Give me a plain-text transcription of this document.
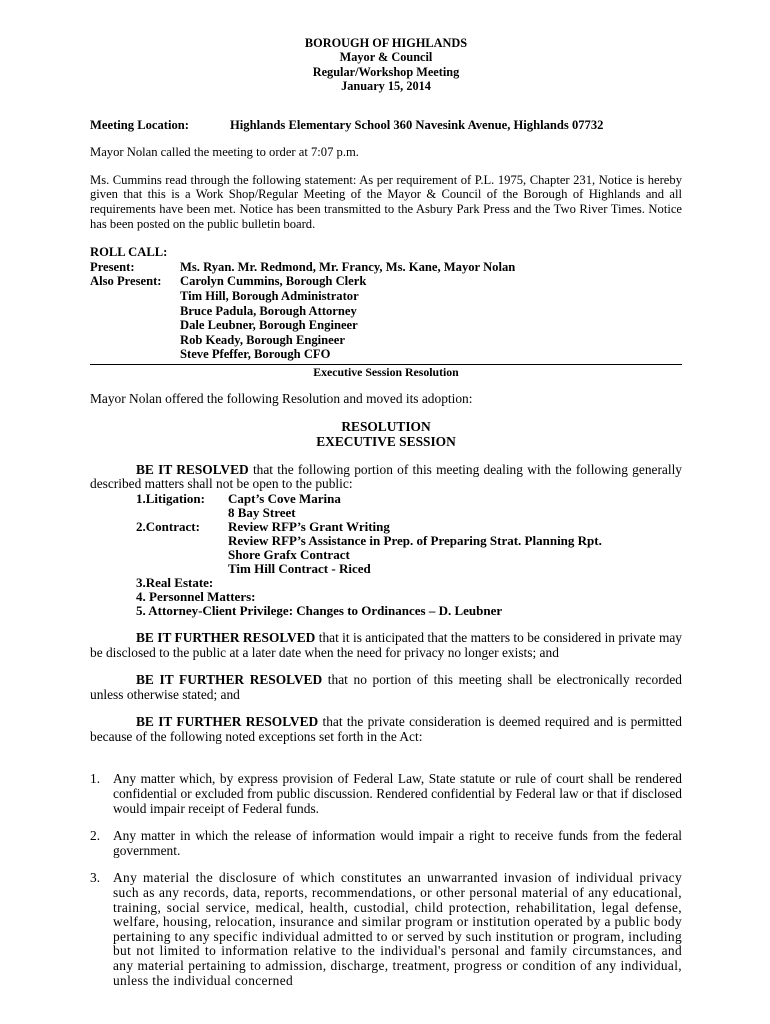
BOROUGH OF HIGHLANDS
Mayor & Council
Regular/Workshop Meeting
January 15, 2014
Meeting Location:	Highlands Elementary School 360 Navesink Avenue, Highlands 07732

Mayor Nolan called the meeting to order at 7:07 p.m.

Ms. Cummins read through the following statement: As per requirement of P.L. 1975, Chapter 231, Notice is hereby given that this is a Work Shop/Regular Meeting of the Mayor & Council of the Borough of Highlands and all requirements have been met. Notice has been transmitted to the Asbury Park Press and the Two River Times. Notice has been posted on the public bulletin board.

ROLL CALL:
Present:	Ms. Ryan. Mr. Redmond, Mr. Francy, Ms. Kane, Mayor Nolan
Also Present:	Carolyn Cummins, Borough Clerk
Tim Hill, Borough Administrator
Bruce Padula, Borough Attorney
Dale Leubner, Borough Engineer
Rob Keady, Borough Engineer
Steve Pfeffer, Borough CFO
Executive Session Resolution

Mayor Nolan offered the following Resolution and moved its adoption:

RESOLUTION
EXECUTIVE SESSION

BE IT RESOLVED that the following portion of this meeting dealing with the following generally described matters shall not be open to the public:

1.Litigation:	Capt’s Cove Marina
8 Bay Street
2.Contract:	Review RFP’s Grant Writing
Review RFP’s Assistance in Prep. of Preparing Strat. Planning Rpt.
Shore Grafx Contract
Tim Hill Contract - Riced
3.Real Estate:
4. Personnel Matters:
5. Attorney-Client Privilege: Changes to Ordinances – D. Leubner

BE IT FURTHER RESOLVED that it is anticipated that the matters to be considered in private may be disclosed to the public at a later date when the need for privacy no longer exists; and

BE IT FURTHER RESOLVED that no portion of this meeting shall be electronically recorded unless otherwise stated; and

BE IT FURTHER RESOLVED that the private consideration is deemed required and is permitted because of the following noted exceptions set forth in the Act:

1. Any matter which, by express provision of Federal Law, State statute or rule of court shall be rendered confidential or excluded from public discussion. Rendered confidential by Federal law or that if disclosed would impair receipt of Federal funds.
2. Any matter in which the release of information would impair a right to receive funds from the federal government.
3. Any material the disclosure of which constitutes an unwarranted invasion of individual privacy such as any records, data, reports, recommendations, or other personal material of any educational, training, social service, medical, health, custodial, child protection, rehabilitation, legal defense, welfare, housing, relocation, insurance and similar program or institution operated by a public body pertaining to any specific individual admitted to or served by such institution or program, including but not limited to information relative to the individual's personal and family circumstances, and any material pertaining to admission, discharge, treatment, progress or condition of any individual, unless the individual concerned
